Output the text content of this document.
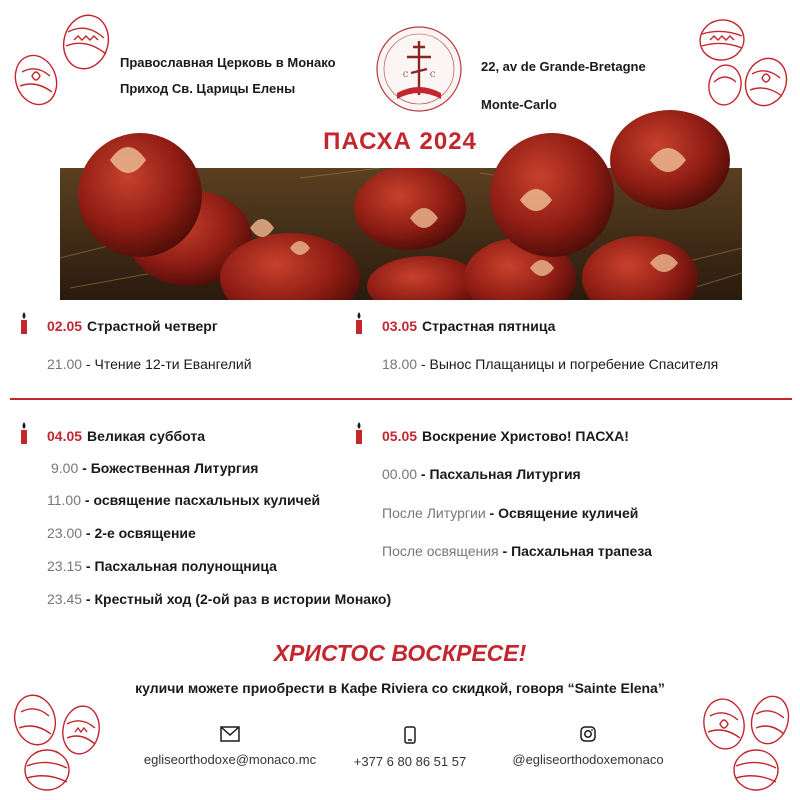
Православная Церковь в Монако
Приход Св. Царицы Елены
C	C
22, av de Grande-Bretagne
Monte-Carlo
ПАСХА 2024
02.05 Страстной четверг
21.00 - Чтение 12-ти Евангелий
03.05 Страстная пятница
18.00 - Вынос Плащаницы и погребение Спасителя
04.05 Великая суббота
9.00 - Божественная Литургия
11.00 - освящение пасхальных куличей
23.00 - 2-е освящение
23.15 - Пасхальная полунощница
23.45 - Крестный ход (2-ой раз в истории Монако)
05.05 Воскрение Христово! ПАСХА!
00.00 - Пасхальная Литургия
После Литургии - Освящение куличей
После освящения - Пасхальная трапеза
ХРИСТОС ВОСКРЕСЕ!
куличи можете приобрести в Кафе Riviera со скидкой, говоря “Sainte Elena”
egliseorthodoxe@monaco.mc	+377 6 80 86 51 57	@egliseorthodoxemonaco
